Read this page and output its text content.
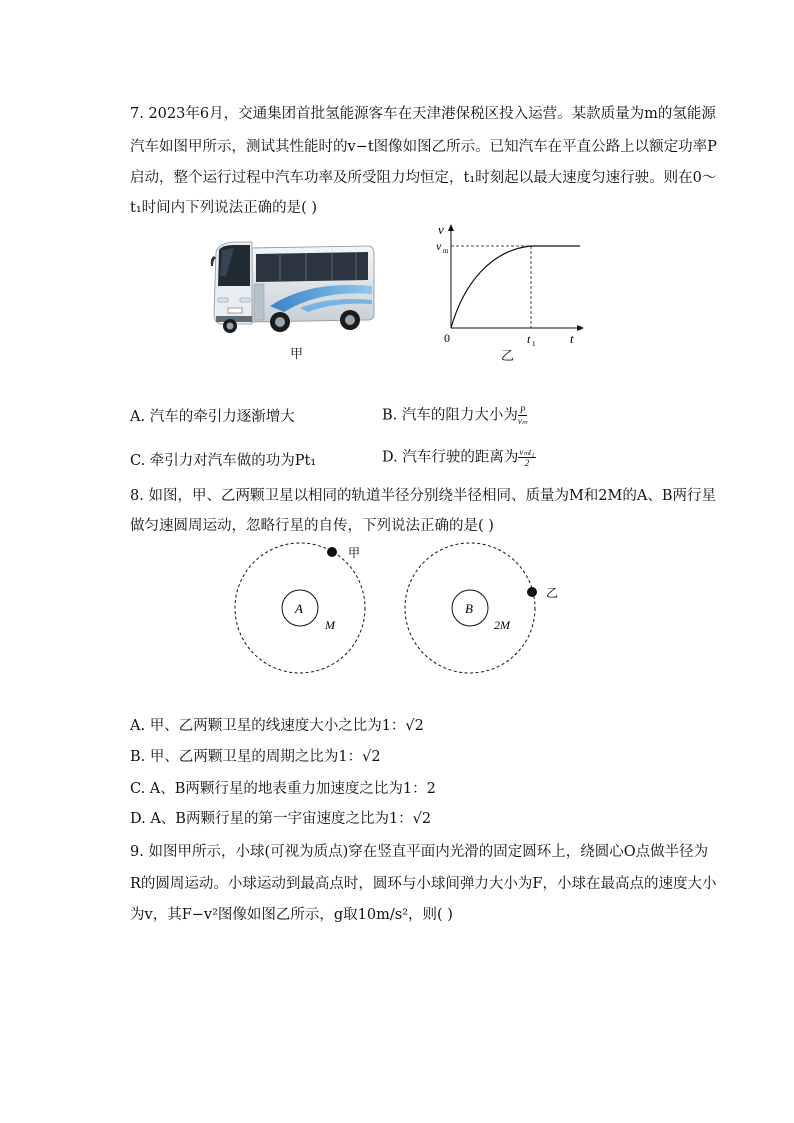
7. 2023年6月，交通集团首批氢能源客车在天津港保税区投入运营。某款质量为m的氢能源
汽车如图甲所示，测试其性能时的v−t图像如图乙所示。已知汽车在平直公路上以额定功率P
启动，整个运行过程中汽车功率及所受阻力均恒定，t₁时刻起以最大速度匀速行驶。则在0～
t₁时间内下列说法正确的是( )
甲
v
v m
0	t 1	t
乙
A. 汽车的牵引力逐渐增大	B. 汽车的阻力大小为 $\frac{P}{\text{vₘ}}$
C. 牵引力对汽车做的功为Pt₁	D. 汽车行驶的距离为 $\frac{\text{vₘt₁}}{2}$
8. 如图，甲、乙两颗卫星以相同的轨道半径分别绕半径相同、质量为M和2M的A、B两行星
做匀速圆周运动，忽略行星的自传，下列说法正确的是( )
A
M
甲
B
2M
乙
A. 甲、乙两颗卫星的线速度大小之比为1：√2
B. 甲、乙两颗卫星的周期之比为1：√2
C. A、B两颗行星的地表重力加速度之比为1：2
D. A、B两颗行星的第一宇宙速度之比为1：√2
9. 如图甲所示，小球(可视为质点)穿在竖直平面内光滑的固定圆环上，绕圆心O点做半径为
R的圆周运动。小球运动到最高点时，圆环与小球间弹力大小为F，小球在最高点的速度大小
为v，其F−v²图像如图乙所示，g取10m/s²，则( )
